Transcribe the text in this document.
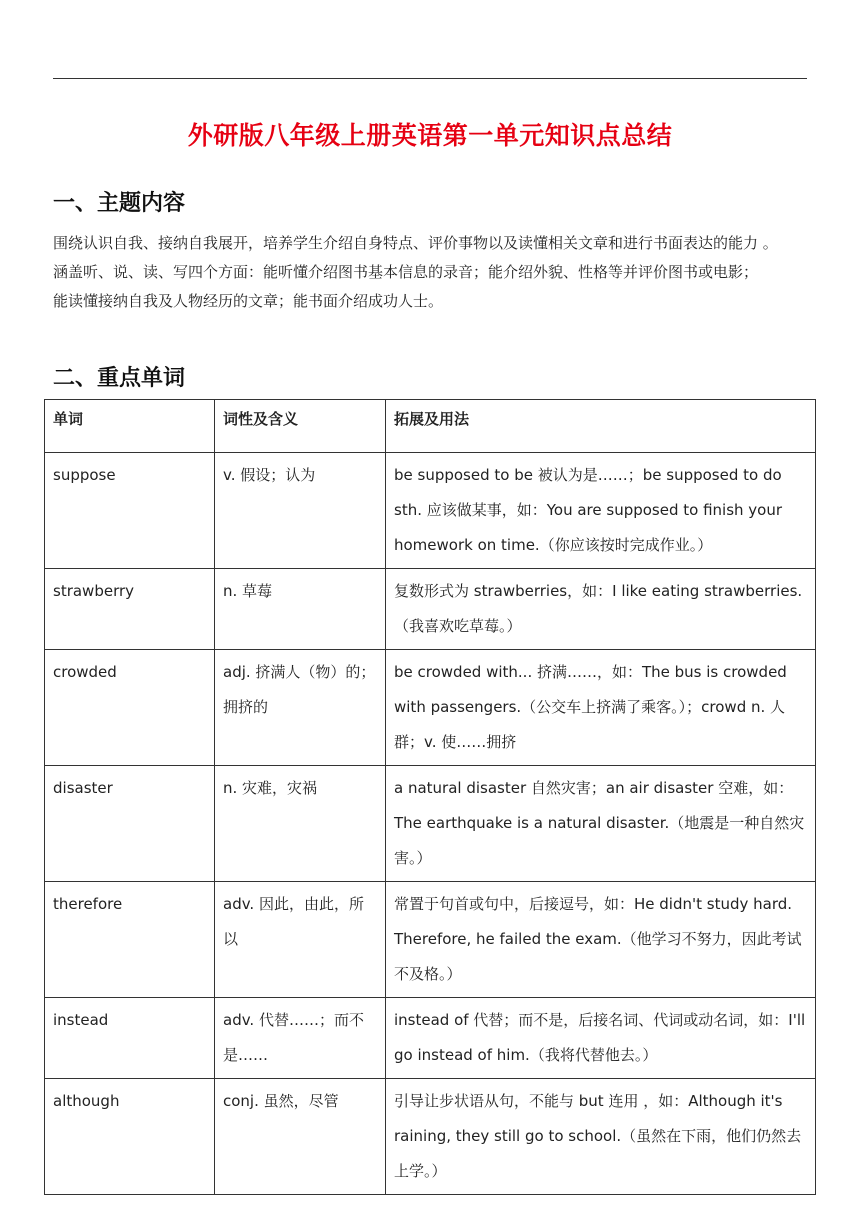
外研版八年级上册英语第一单元知识点总结
一、主题内容
围绕认识自我、接纳自我展开，培养学生介绍自身特点、评价事物以及读懂相关文章和进行书面表达的能力 。
涵盖听、说、读、写四个方面：能听懂介绍图书基本信息的录音；能介绍外貌、性格等并评价图书或电影；
能读懂接纳自我及人物经历的文章；能书面介绍成功人士。
二、重点单词
单词	词性及含义	拓展及用法
suppose	v. 假设；认为	be supposed to be 被认为是……；be supposed to do sth. 应该做某事，如：You are supposed to finish your homework on time.（你应该按时完成作业。）
strawberry	n. 草莓	复数形式为 strawberries，如：I like eating strawberries.（我喜欢吃草莓。）
crowded	adj. 挤满人（物）的；拥挤的	be crowded with... 挤满……，如：The bus is crowded with passengers.（公交车上挤满了乘客。）；crowd n. 人群；v. 使……拥挤
disaster	n. 灾难，灾祸	a natural disaster 自然灾害；an air disaster 空难，如：The earthquake is a natural disaster.（地震是一种自然灾害。）
therefore	adv. 因此，由此，所以	常置于句首或句中，后接逗号，如：He didn't study hard. Therefore, he failed the exam.（他学习不努力，因此考试不及格。）
instead	adv. 代替……；而不是……	instead of 代替；而不是，后接名词、代词或动名词，如：I'll go instead of him.（我将代替他去。）
although	conj. 虽然，尽管	引导让步状语从句，不能与 but 连用 ，如：Although it's raining, they still go to school.（虽然在下雨，他们仍然去上学。）
